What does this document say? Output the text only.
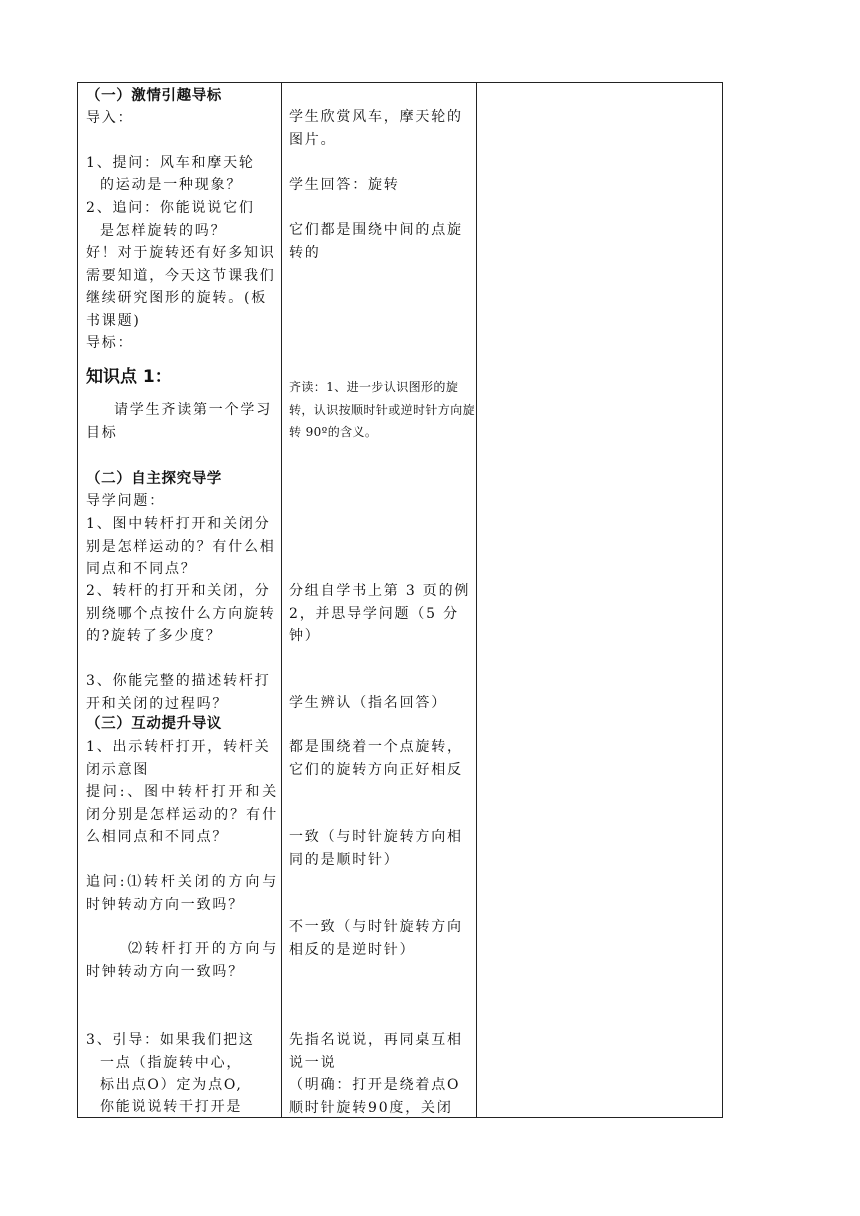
（一）激情引趣导标
导入：
1、提问：风车和摩天轮
的运动是一种现象？
2、追问：你能说说它们
是怎样旋转的吗？
好！对于旋转还有好多知识需要知道，今天这节课我们继续研究图形的旋转。(板书课题)
导标：
知识点 1：
请学生齐读第一个学习目标
（二）自主探究导学
导学问题：
1、图中转杆打开和关闭分别是怎样运动的？有什么相同点和不同点？
2、转杆的打开和关闭，分别绕哪个点按什么方向旋转的?旋转了多少度？
3、你能完整的描述转杆打开和关闭的过程吗？
（三）互动提升导议
1、出示转杆打开，转杆关闭示意图
提问:、图中转杆打开和关闭分别是怎样运动的？有什么相同点和不同点？
追问:⑴转杆关闭的方向与时钟转动方向一致吗？
⑵转杆打开的方向与时钟转动方向一致吗？
3、引导：如果我们把这
一点（指旋转中心，
标出点O）定为点O,
你能说说转干打开是
学生欣赏风车，摩天轮的图片。
学生回答：旋转
它们都是围绕中间的点旋转的
齐读：1、进一步认识图形的旋转，认识按顺时针或逆时针方向旋转 90º的含义。
分组自学书上第 3 页的例 2，并思导学问题（5 分钟）
学生辨认（指名回答）
都是围绕着一个点旋转，它们的旋转方向正好相反
一致（与时针旋转方向相同的是顺时针）
不一致（与时针旋转方向相反的是逆时针）
先指名说说，再同桌互相说一说
（明确：打开是绕着点O顺时针旋转90度，关闭
